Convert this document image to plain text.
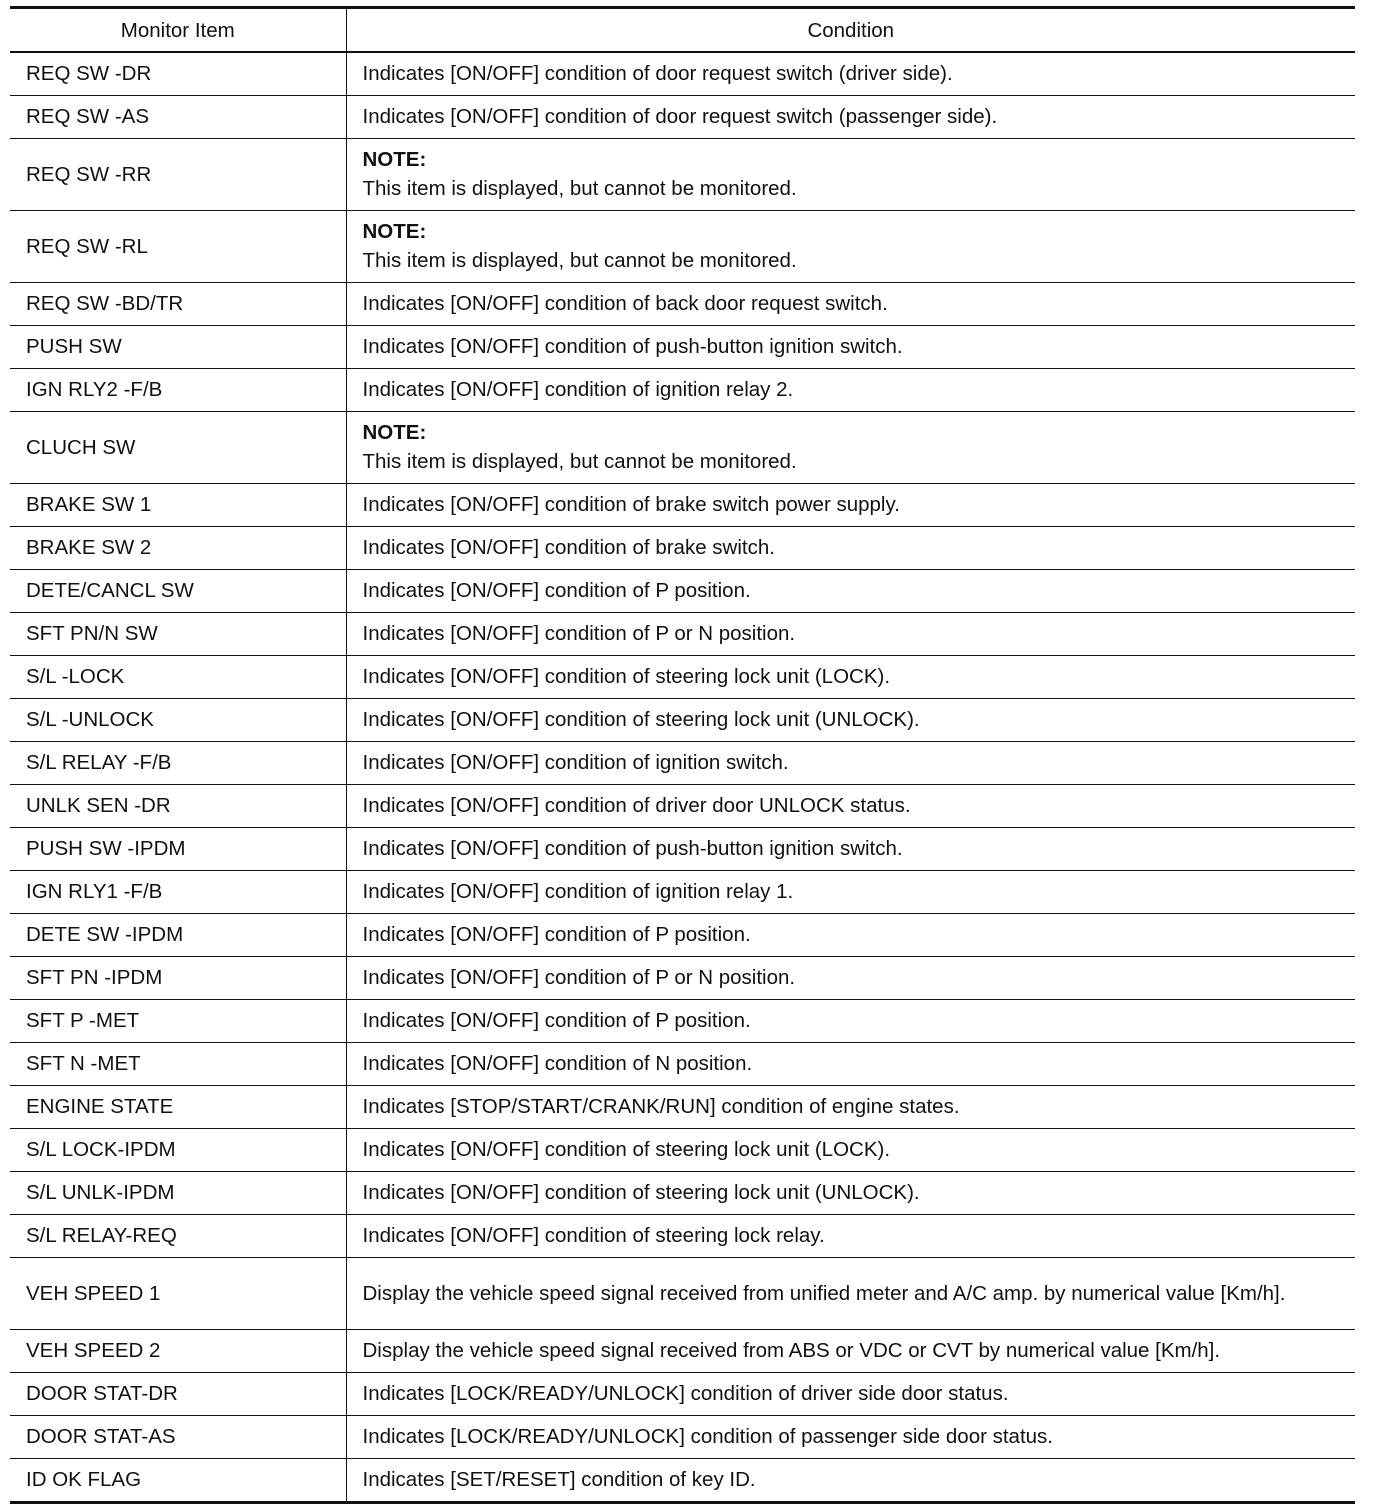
Monitor Item	Condition
REQ SW -DR	Indicates [ON/OFF] condition of door request switch (driver side).
REQ SW -AS	Indicates [ON/OFF] condition of door request switch (passenger side).
REQ SW -RR	NOTE:
This item is displayed, but cannot be monitored.

REQ SW -RL	NOTE:
This item is displayed, but cannot be monitored.

REQ SW -BD/TR	Indicates [ON/OFF] condition of back door request switch.
PUSH SW	Indicates [ON/OFF] condition of push-button ignition switch.
IGN RLY2 -F/B	Indicates [ON/OFF] condition of ignition relay 2.
CLUCH SW	NOTE:
This item is displayed, but cannot be monitored.

BRAKE SW 1	Indicates [ON/OFF] condition of brake switch power supply.
BRAKE SW 2	Indicates [ON/OFF] condition of brake switch.
DETE/CANCL SW	Indicates [ON/OFF] condition of P position.
SFT PN/N SW	Indicates [ON/OFF] condition of P or N position.
S/L -LOCK	Indicates [ON/OFF] condition of steering lock unit (LOCK).
S/L -UNLOCK	Indicates [ON/OFF] condition of steering lock unit (UNLOCK).
S/L RELAY -F/B	Indicates [ON/OFF] condition of ignition switch.
UNLK SEN -DR	Indicates [ON/OFF] condition of driver door UNLOCK status.
PUSH SW -IPDM	Indicates [ON/OFF] condition of push-button ignition switch.
IGN RLY1 -F/B	Indicates [ON/OFF] condition of ignition relay 1.
DETE SW -IPDM	Indicates [ON/OFF] condition of P position.
SFT PN -IPDM	Indicates [ON/OFF] condition of P or N position.
SFT P -MET	Indicates [ON/OFF] condition of P position.
SFT N -MET	Indicates [ON/OFF] condition of N position.
ENGINE STATE	Indicates [STOP/START/CRANK/RUN] condition of engine states.
S/L LOCK-IPDM	Indicates [ON/OFF] condition of steering lock unit (LOCK).
S/L UNLK-IPDM	Indicates [ON/OFF] condition of steering lock unit (UNLOCK).
S/L RELAY-REQ	Indicates [ON/OFF] condition of steering lock relay.
VEH SPEED 1	Display the vehicle speed signal received from unified meter and A/C amp. by numerical value [Km/h].
VEH SPEED 2	Display the vehicle speed signal received from ABS or VDC or CVT by numerical value [Km/h].
DOOR STAT-DR	Indicates [LOCK/READY/UNLOCK] condition of driver side door status.
DOOR STAT-AS	Indicates [LOCK/READY/UNLOCK] condition of passenger side door status.
ID OK FLAG	Indicates [SET/RESET] condition of key ID.
